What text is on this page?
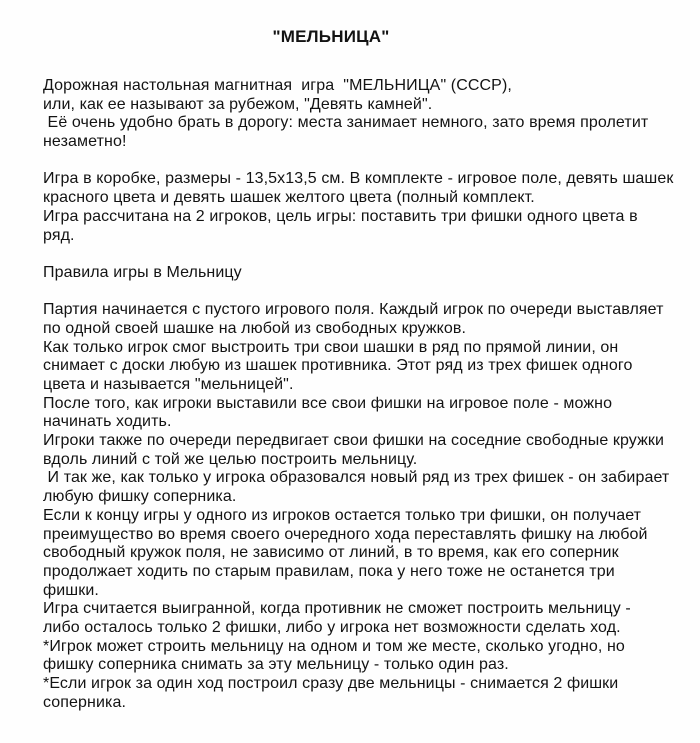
"МЕЛЬНИЦА"
Дорожная настольная магнитная  игра  "МЕЛЬНИЦА" (СССР),
или, как ее называют за рубежом, "Девять камней".
Её очень удобно брать в дорогу: места занимает немного, зато время пролетит
незаметно!
Игра в коробке, размеры - 13,5х13,5 см. В комплекте - игровое поле, девять шашек
красного цвета и девять шашек желтого цвета (полный комплект.
Игра рассчитана на 2 игроков, цель игры: поставить три фишки одного цвета в
ряд.
Правила игры в Мельницу
Партия начинается с пустого игрового поля. Каждый игрок по очереди выставляет
по одной своей шашке на любой из свободных кружков.
Как только игрок смог выстроить три свои шашки в ряд по прямой линии, он
снимает с доски любую из шашек противника. Этот ряд из трех фишек одного
цвета и называется "мельницей".
После того, как игроки выставили все свои фишки на игровое поле - можно
начинать ходить.
Игроки также по очереди передвигает свои фишки на соседние свободные кружки
вдоль линий с той же целью построить мельницу.
И так же, как только у игрока образовался новый ряд из трех фишек - он забирает
любую фишку соперника.
Если к концу игры у одного из игроков остается только три фишки, он получает
преимущество во время своего очередного хода переставлять фишку на любой
свободный кружок поля, не зависимо от линий, в то время, как его соперник
продолжает ходить по старым правилам, пока у него тоже не останется три
фишки.
Игра считается выигранной, когда противник не сможет построить мельницу -
либо осталось только 2 фишки, либо у игрока нет возможности сделать ход.
*Игрок может строить мельницу на одном и том же месте, сколько угодно, но
фишку соперника снимать за эту мельницу - только один раз.
*Если игрок за один ход построил сразу две мельницы - снимается 2 фишки
соперника.
